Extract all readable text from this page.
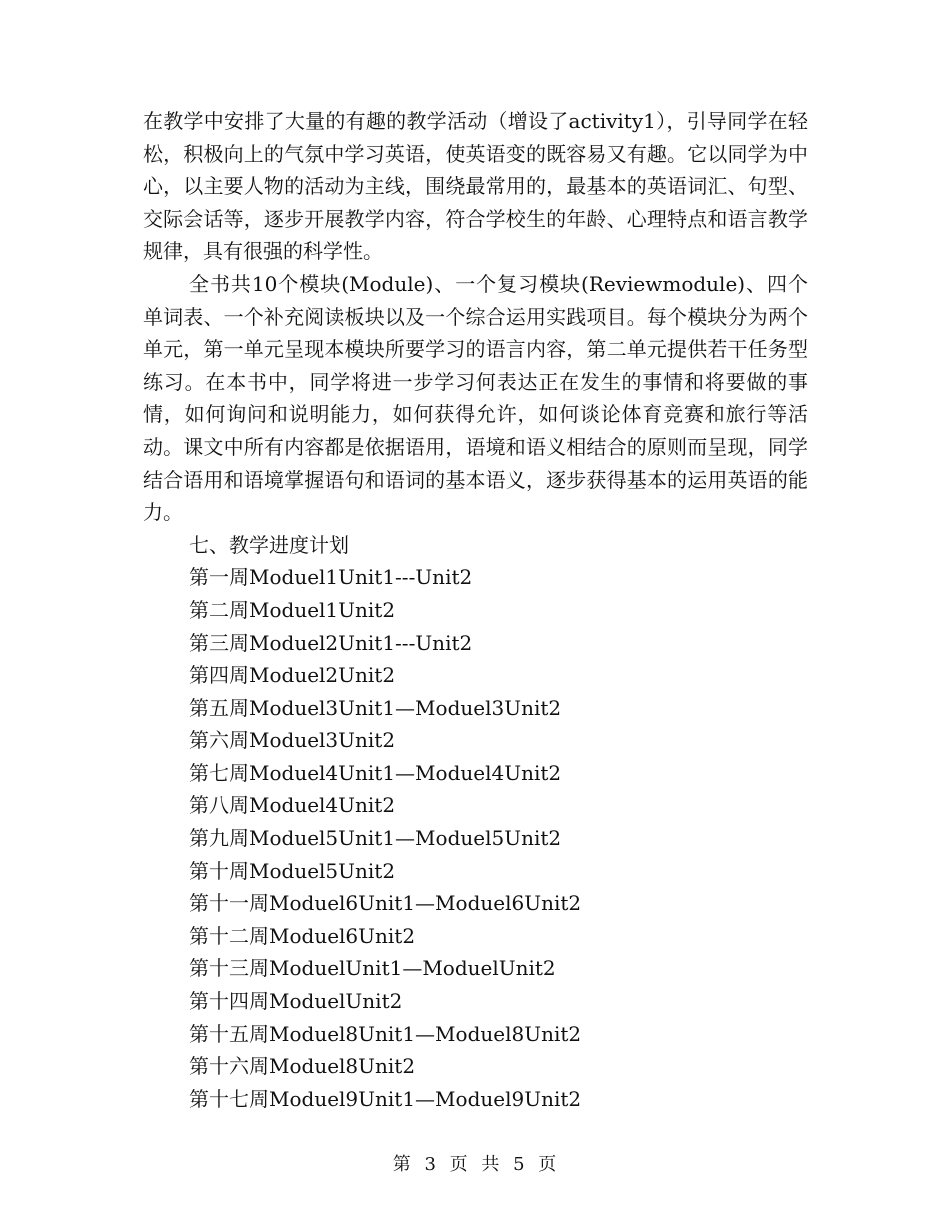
在教学中安排了大量的有趣的教学活动（增设了activity1），引导同学在轻松，积极向上的气氛中学习英语，使英语变的既容易又有趣。它以同学为中心，以主要人物的活动为主线，围绕最常用的，最基本的英语词汇、句型、交际会话等，逐步开展教学内容，符合学校生的年龄、心理特点和语言教学规律，具有很强的科学性。

全书共10个模块(Module)、一个复习模块(Reviewmodule)、四个单词表、一个补充阅读板块以及一个综合运用实践项目。每个模块分为两个单元，第一单元呈现本模块所要学习的语言内容，第二单元提供若干任务型练习。在本书中，同学将进一步学习何表达正在发生的事情和将要做的事情，如何询问和说明能力，如何获得允许，如何谈论体育竞赛和旅行等活动。课文中所有内容都是依据语用，语境和语义相结合的原则而呈现，同学结合语用和语境掌握语句和语词的基本语义，逐步获得基本的运用英语的能力。

七、教学进度计划

第一周Moduel1Unit1---Unit2
第二周Moduel1Unit2
第三周Moduel2Unit1---Unit2
第四周Moduel2Unit2
第五周Moduel3Unit1—Moduel3Unit2
第六周Moduel3Unit2
第七周Moduel4Unit1—Moduel4Unit2
第八周Moduel4Unit2
第九周Moduel5Unit1—Moduel5Unit2
第十周Moduel5Unit2
第十一周Moduel6Unit1—Moduel6Unit2
第十二周Moduel6Unit2
第十三周ModuelUnit1—ModuelUnit2
第十四周ModuelUnit2
第十五周Moduel8Unit1—Moduel8Unit2
第十六周Moduel8Unit2
第十七周Moduel9Unit1—Moduel9Unit2
第 3 页 共 5 页
